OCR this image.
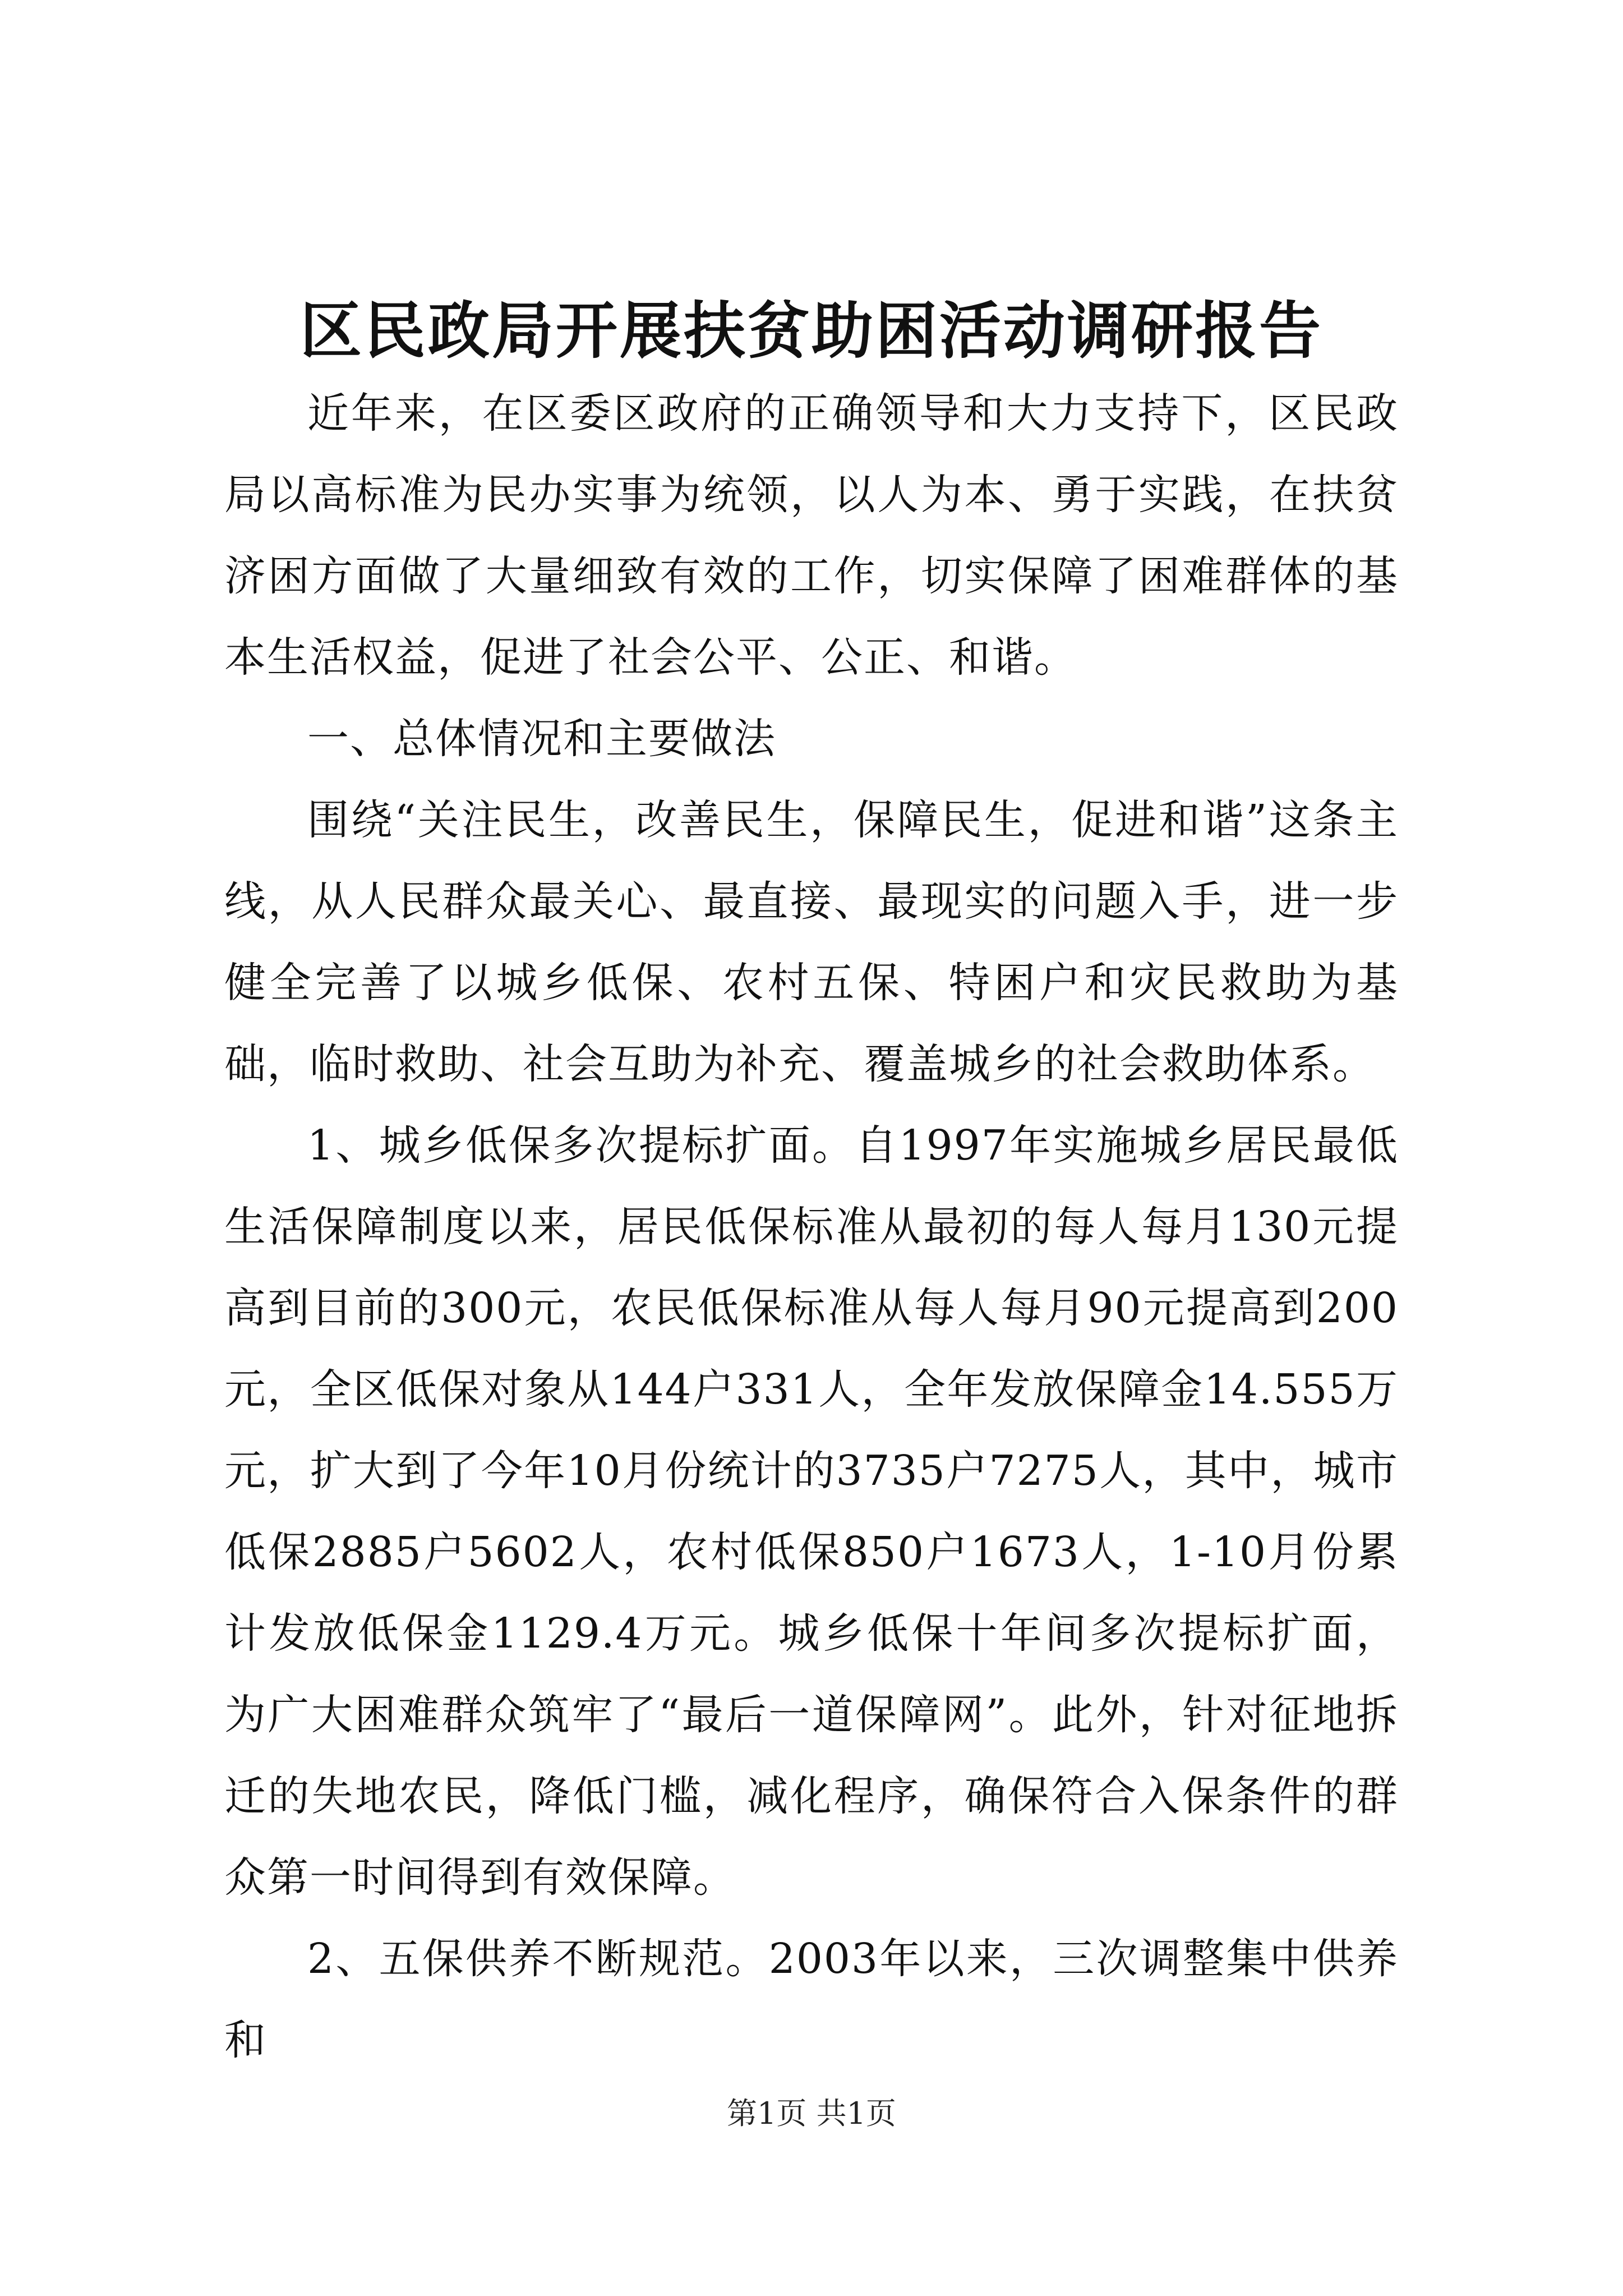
区民政局开展扶贫助困活动调研报告

近年来，在区委区政府的正确领导和大力支持下，区民政局以高标准为民办实事为统领，以人为本、勇于实践，在扶贫济困方面做了大量细致有效的工作，切实保障了困难群体的基本生活权益，促进了社会公平、公正、和谐。

一、总体情况和主要做法

围绕“关注民生，改善民生，保障民生，促进和谐”这条主线，从人民群众最关心、最直接、最现实的问题入手，进一步健全完善了以城乡低保、农村五保、特困户和灾民救助为基础，临时救助、社会互助为补充、覆盖城乡的社会救助体系。

1、城乡低保多次提标扩面。自1997年实施城乡居民最低生活保障制度以来，居民低保标准从最初的每人每月130元提高到目前的300元，农民低保标准从每人每月90元提高到200元，全区低保对象从144户331人，全年发放保障金14.555万元，扩大到了今年10月份统计的3735户7275人，其中，城市低保2885户5602人，农村低保850户1673人，1-10月份累计发放低保金1129.4万元。城乡低保十年间多次提标扩面，为广大困难群众筑牢了“最后一道保障网”。此外，针对征地拆迁的失地农民，降低门槛，减化程序，确保符合入保条件的群众第一时间得到有效保障。

2、五保供养不断规范。2003年以来，三次调整集中供养和

第1页 共1页
